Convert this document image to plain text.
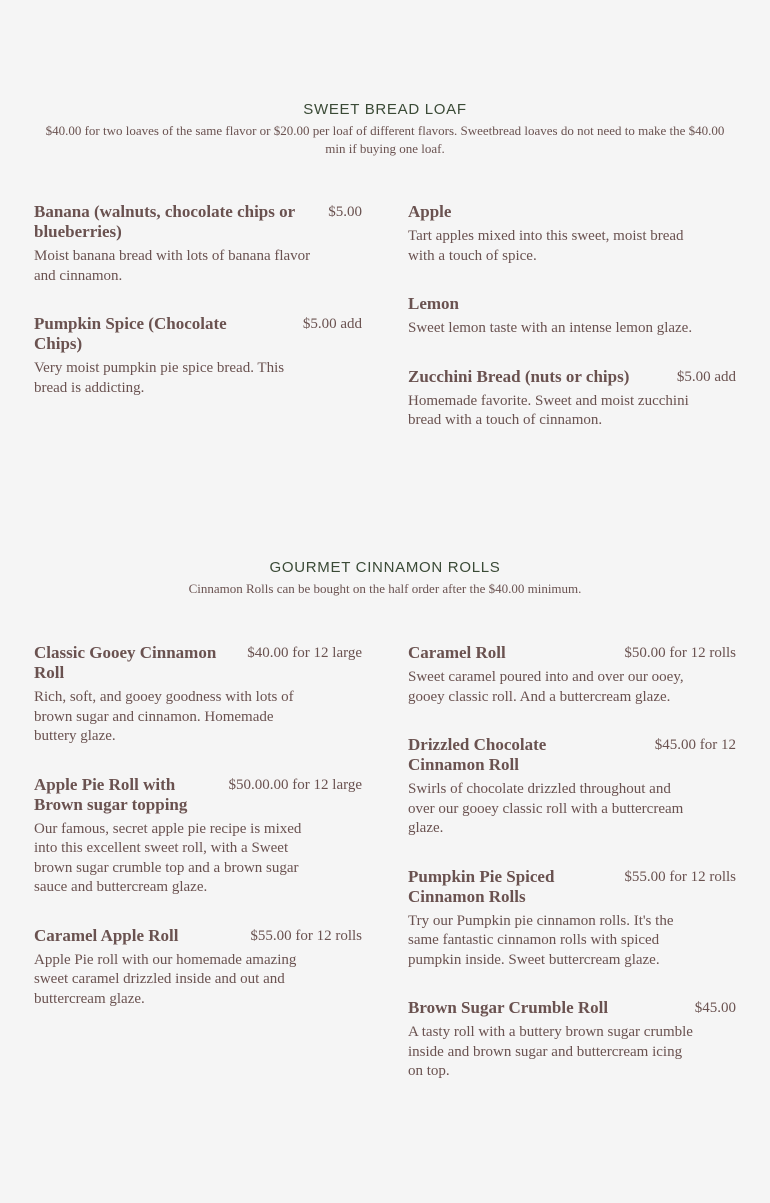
SWEET BREAD LOAF

$40.00 for two loaves of the same flavor or $20.00 per loaf of different flavors. Sweetbread loaves do not need to make the $40.00 min if buying one loaf.

Banana (walnuts, chocolate chips or blueberries)
$5.00

Moist banana bread with lots of banana flavor and cinnamon.

Pumpkin Spice (Chocolate Chips)
$5.00 add

Very moist pumpkin pie spice bread. This bread is addicting.

Apple

Tart apples mixed into this sweet, moist bread with a touch of spice.

Lemon

Sweet lemon taste with an intense lemon glaze.

Zucchini Bread (nuts or chips)	$5.00 add

Homemade favorite. Sweet and moist zucchini bread with a touch of cinnamon.

GOURMET CINNAMON ROLLS

Cinnamon Rolls can be bought on the half order after the $40.00 minimum.

Classic Gooey Cinnamon Roll
$40.00 for 12 large

Rich, soft, and gooey goodness with lots of brown sugar and cinnamon. Homemade buttery glaze.

Apple Pie Roll with Brown sugar topping
$50.00.00 for 12 large

Our famous, secret apple pie recipe is mixed into this excellent sweet roll, with a Sweet brown sugar crumble top and a brown sugar sauce and buttercream glaze.

Caramel Apple Roll	$55.00 for 12 rolls

Apple Pie roll with our homemade amazing sweet caramel drizzled inside and out and buttercream glaze.

Caramel Roll	$50.00 for 12 rolls

Sweet caramel poured into and over our ooey, gooey classic roll. And a buttercream glaze.

Drizzled Chocolate Cinnamon Roll
$45.00 for 12

Swirls of chocolate drizzled throughout and over our gooey classic roll with a buttercream glaze.

Pumpkin Pie Spiced Cinnamon Rolls
$55.00 for 12 rolls

Try our Pumpkin pie cinnamon rolls. It's the same fantastic cinnamon rolls with spiced pumpkin inside. Sweet buttercream glaze.

Brown Sugar Crumble Roll	$45.00

A tasty roll with a buttery brown sugar crumble inside and brown sugar and buttercream icing on top.
